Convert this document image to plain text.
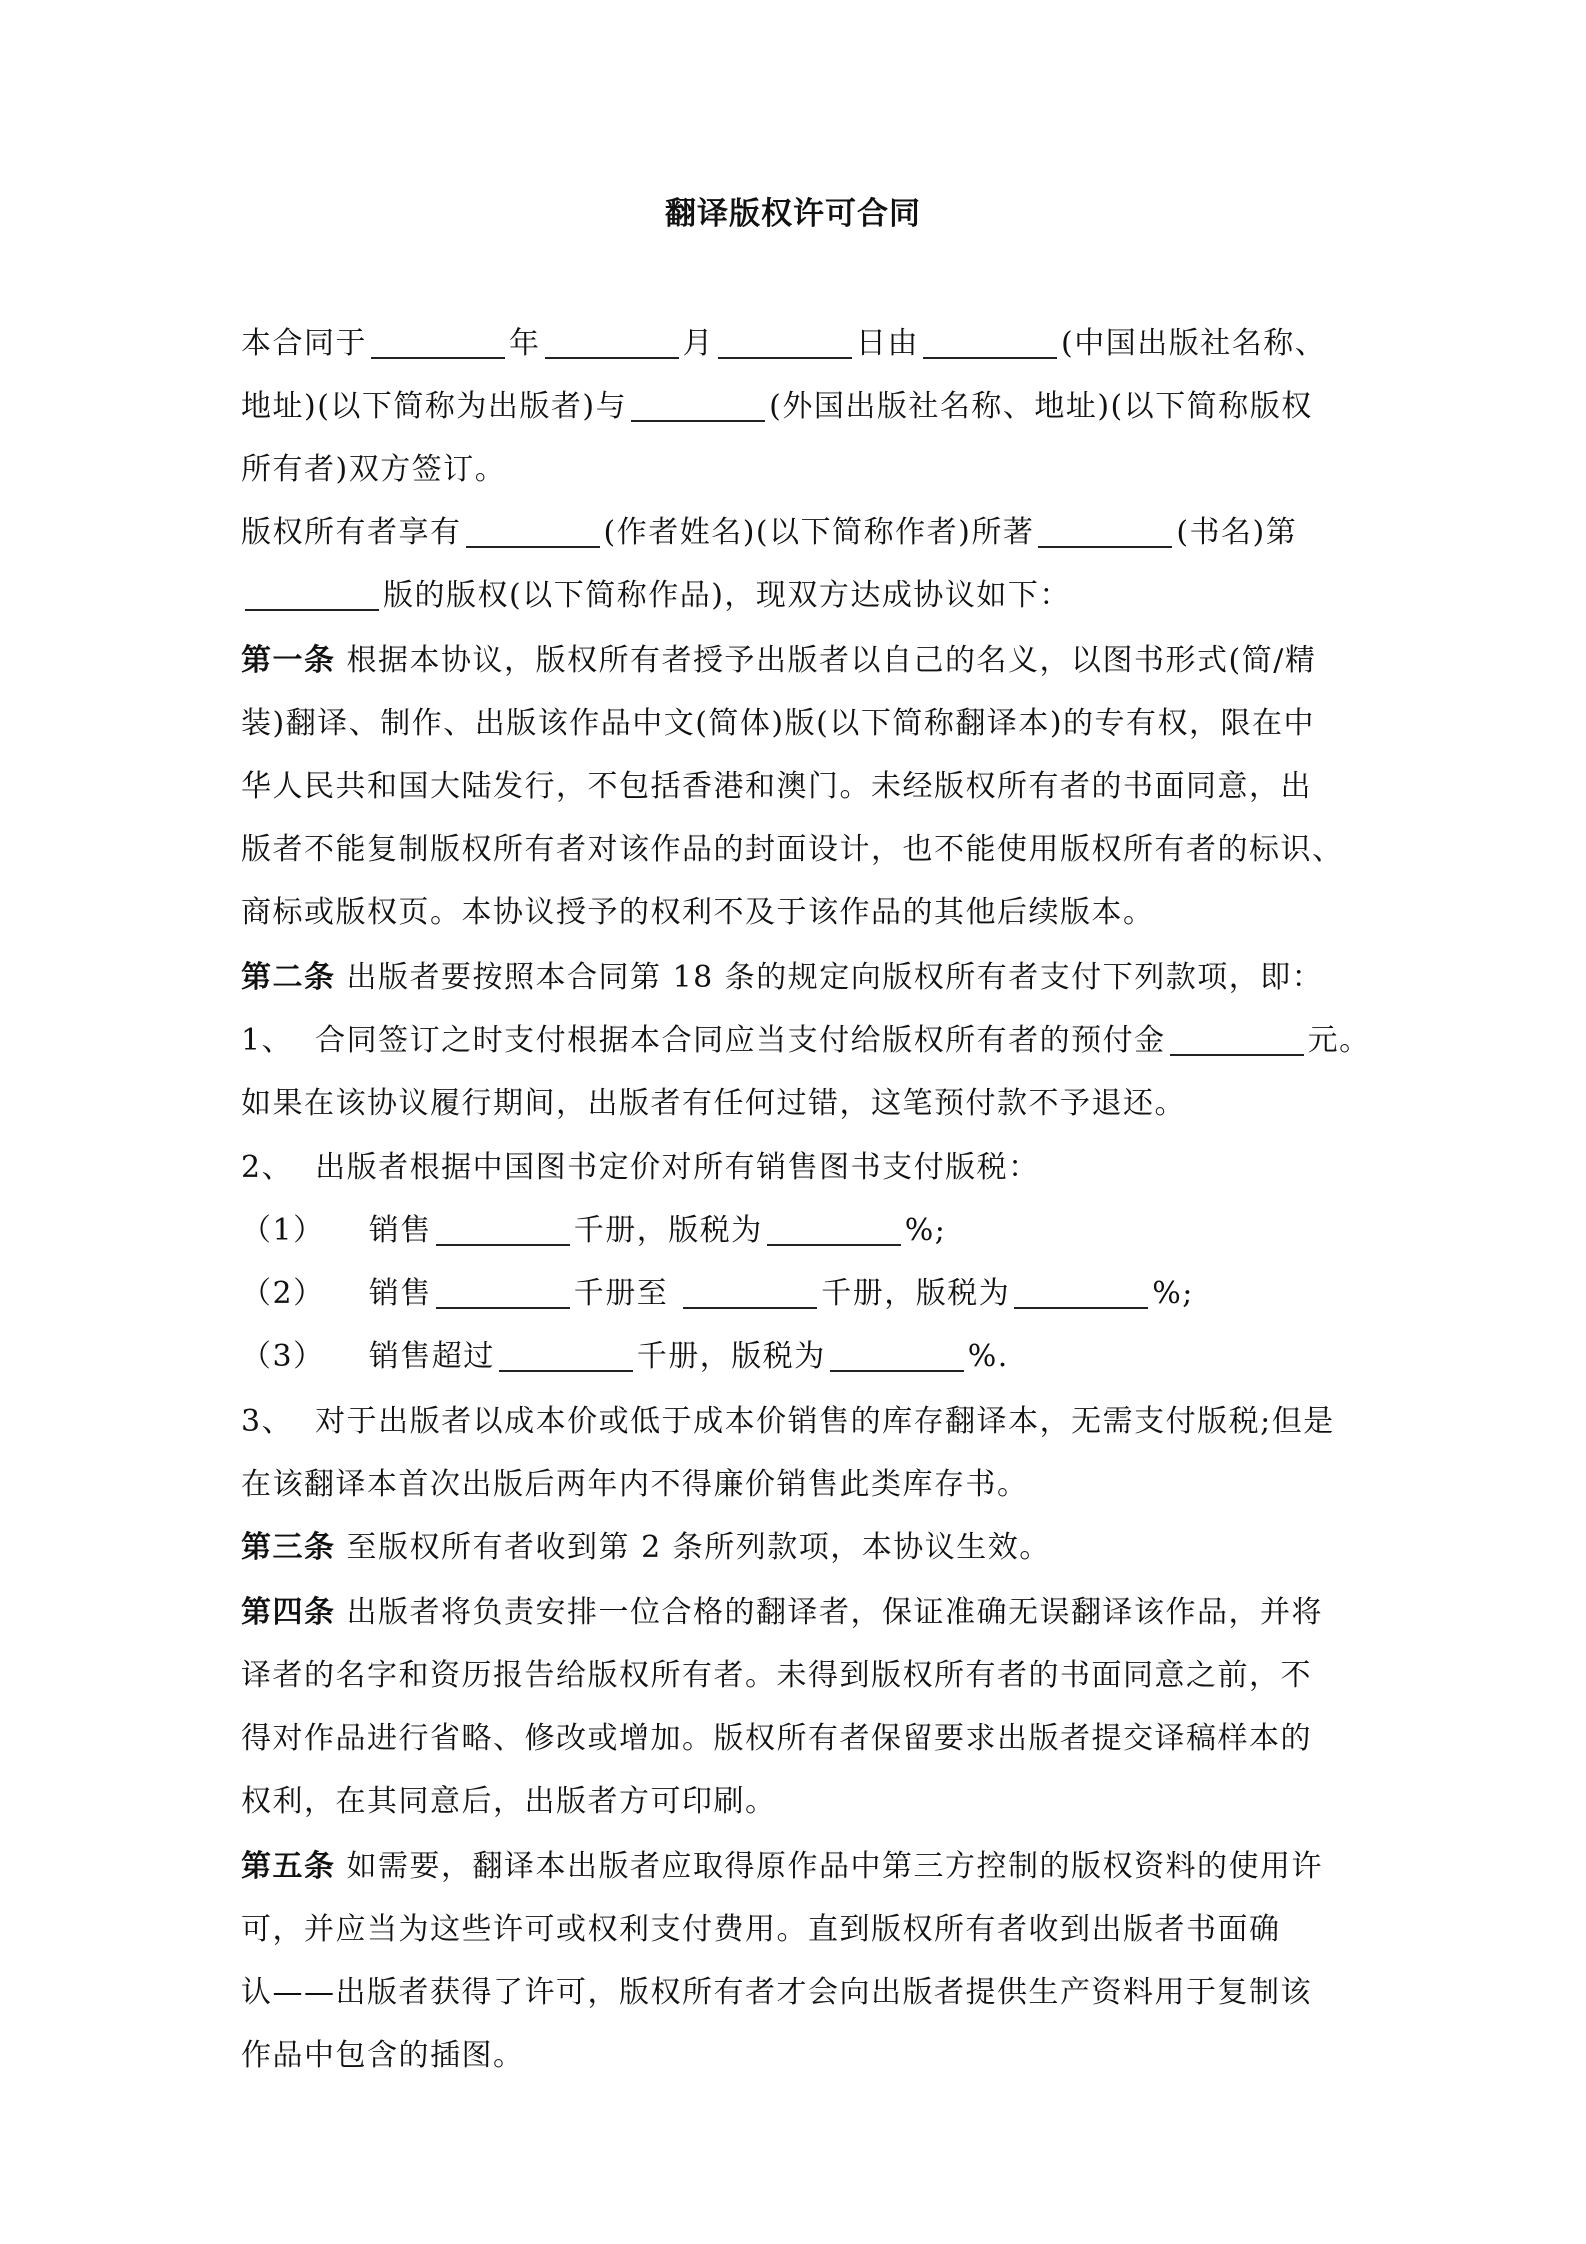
翻译版权许可合同
本合同于	年	月	日由	(中国出版社名称、
地址)(以下简称为出版者)与	(外国出版社名称、地址)(以下简称版权
所有者)双方签订。
版权所有者享有	(作者姓名)(以下简称作者)所著	(书名)第
版的版权(以下简称作品)，现双方达成协议如下：
第一条 根据本协议，版权所有者授予出版者以自己的名义，以图书形式(简/精
装)翻译、制作、出版该作品中文(简体)版(以下简称翻译本)的专有权，限在中
华人民共和国大陆发行，不包括香港和澳门。未经版权所有者的书面同意，出
版者不能复制版权所有者对该作品的封面设计，也不能使用版权所有者的标识、
商标或版权页。本协议授予的权利不及于该作品的其他后续版本。
第二条 出版者要按照本合同第 18 条的规定向版权所有者支付下列款项，即：
1、  合同签订之时支付根据本合同应当支付给版权所有者的预付金	元。
如果在该协议履行期间，出版者有任何过错，这笔预付款不予退还。
2、  出版者根据中国图书定价对所有销售图书支付版税：
（1）    销售	千册，版税为	%;
（2）    销售	千册至	千册，版税为	%;
（3）    销售超过	千册，版税为	%.
3、  对于出版者以成本价或低于成本价销售的库存翻译本，无需支付版税;但是
在该翻译本首次出版后两年内不得廉价销售此类库存书。
第三条 至版权所有者收到第 2 条所列款项，本协议生效。
第四条 出版者将负责安排一位合格的翻译者，保证准确无误翻译该作品，并将
译者的名字和资历报告给版权所有者。未得到版权所有者的书面同意之前，不
得对作品进行省略、修改或增加。版权所有者保留要求出版者提交译稿样本的
权利，在其同意后，出版者方可印刷。
第五条 如需要，翻译本出版者应取得原作品中第三方控制的版权资料的使用许
可，并应当为这些许可或权利支付费用。直到版权所有者收到出版者书面确
认——出版者获得了许可，版权所有者才会向出版者提供生产资料用于复制该
作品中包含的插图。
